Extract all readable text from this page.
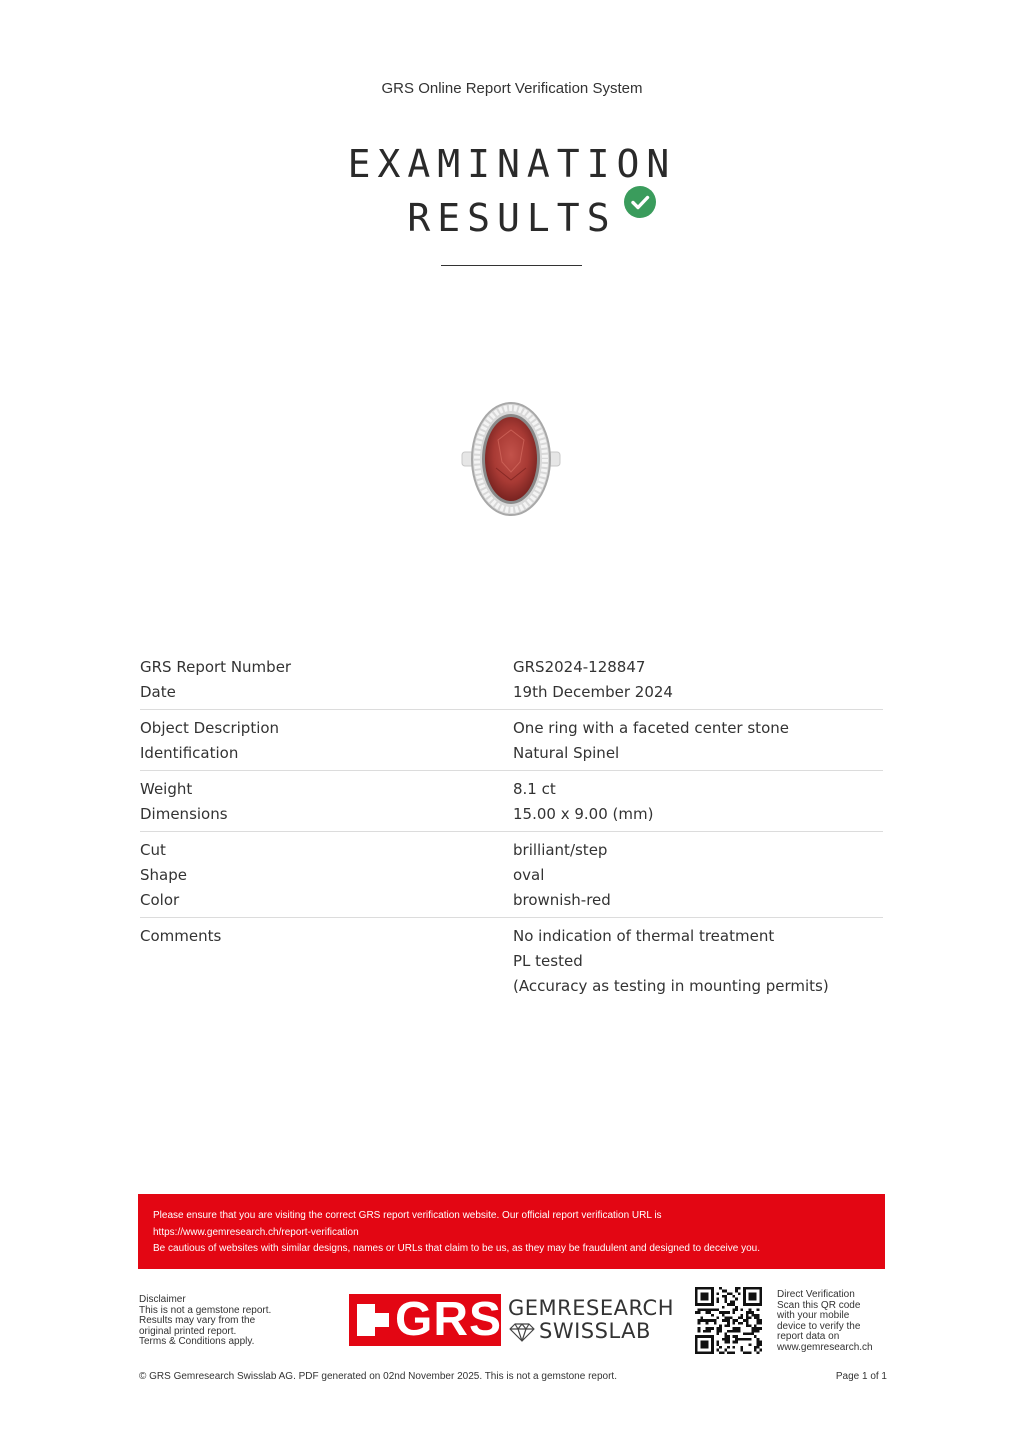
GRS Online Report Verification System
EXAMINATION
RESULTS
GRS Report Number	GRS2024-128847
Date	19th December 2024
Object Description	One ring with a faceted center stone
Identification	Natural Spinel
Weight	8.1 ct
Dimensions	15.00 x 9.00 (mm)
Cut	brilliant/step
Shape	oval
Color	brownish-red
Comments	No indication of thermal treatment
PL tested
(Accuracy as testing in mounting permits)
Please ensure that you are visiting the correct GRS report verification website. Our official report verification URL is
https://www.gemresearch.ch/report-verification
Be cautious of websites with similar designs, names or URLs that claim to be us, as they may be fraudulent and designed to deceive you.
Disclaimer
This is not a gemstone report.
Results may vary from the
original printed report.
Terms & Conditions apply.	GRS GEMRESEARCH
SWISSLAB
Direct Verification
Scan this QR code
with your mobile
device to verify the
report data on
www.gemresearch.ch
© GRS Gemresearch Swisslab AG. PDF generated on 02nd November 2025. This is not a gemstone report.	Page 1 of 1
